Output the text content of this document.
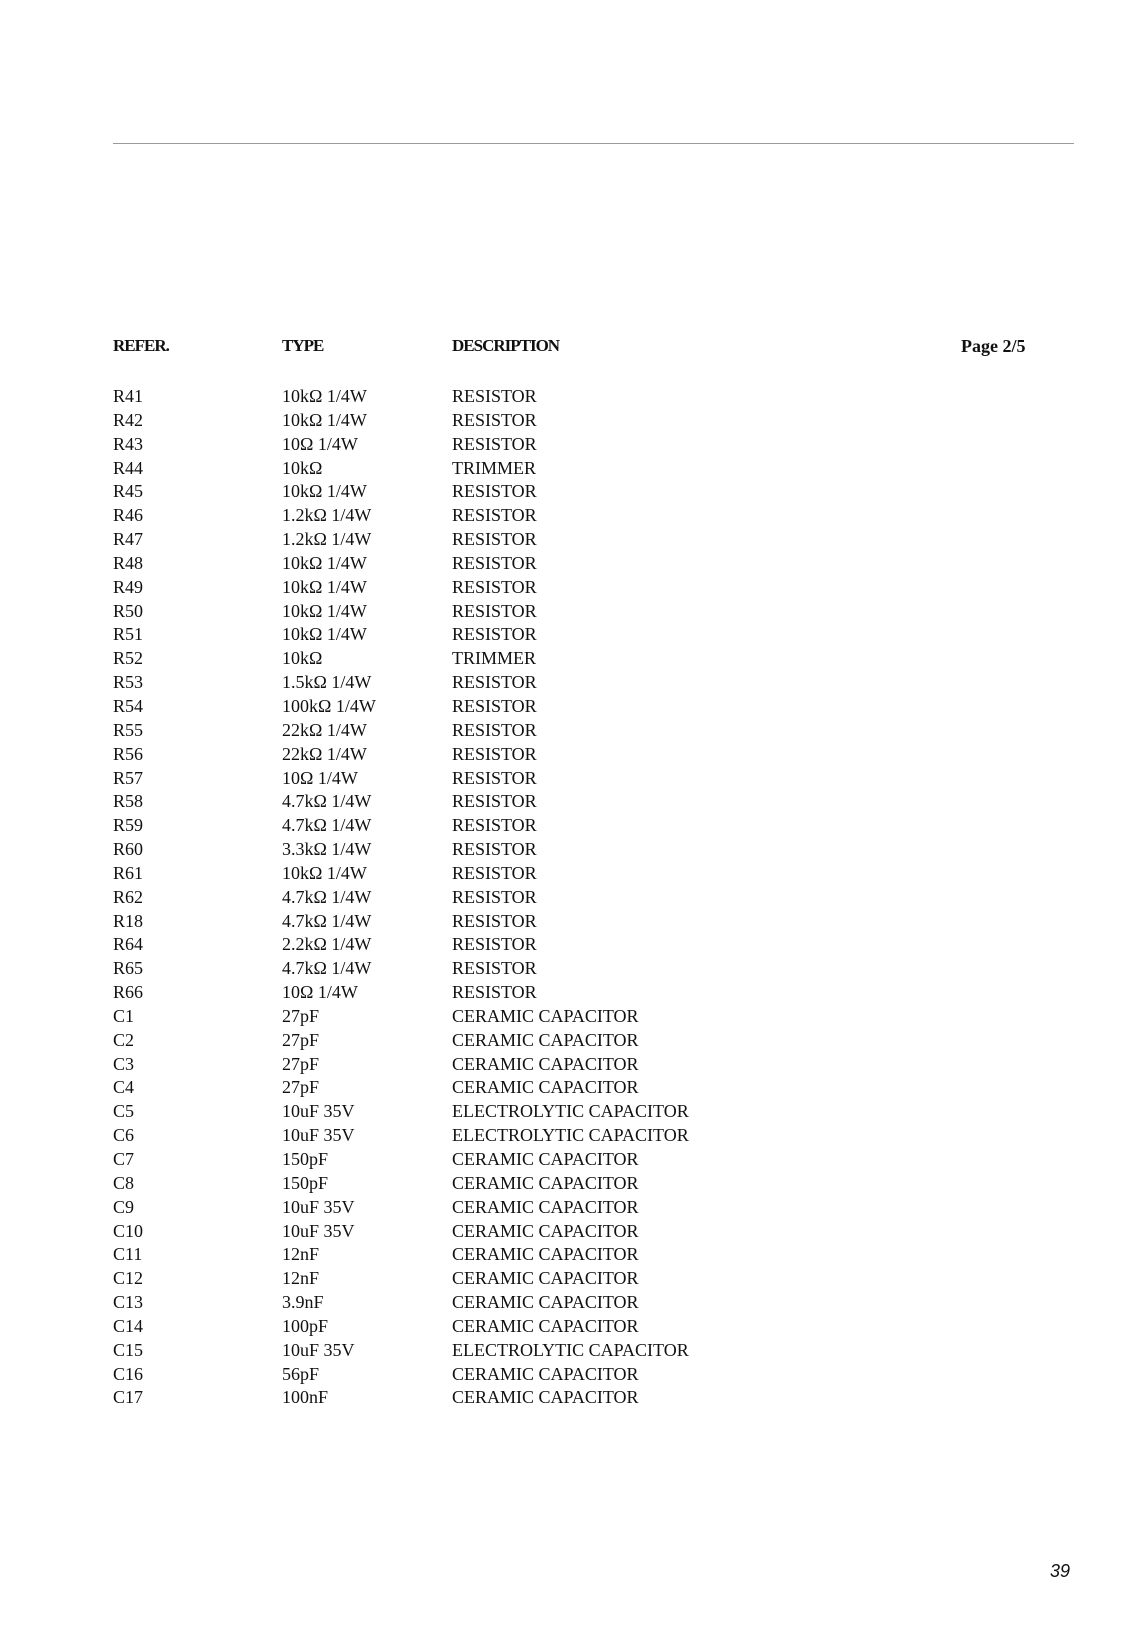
REFER.	TYPE	DESCRIPTION	Page 2/5
R41	10kΩ 1/4W	RESISTOR
R42	10kΩ 1/4W	RESISTOR
R43	10Ω 1/4W	RESISTOR
R44	10kΩ	TRIMMER
R45	10kΩ 1/4W	RESISTOR
R46	1.2kΩ 1/4W	RESISTOR
R47	1.2kΩ 1/4W	RESISTOR
R48	10kΩ 1/4W	RESISTOR
R49	10kΩ 1/4W	RESISTOR
R50	10kΩ 1/4W	RESISTOR
R51	10kΩ 1/4W	RESISTOR
R52	10kΩ	TRIMMER
R53	1.5kΩ 1/4W	RESISTOR
R54	100kΩ 1/4W	RESISTOR
R55	22kΩ 1/4W	RESISTOR
R56	22kΩ 1/4W	RESISTOR
R57	10Ω 1/4W	RESISTOR
R58	4.7kΩ 1/4W	RESISTOR
R59	4.7kΩ 1/4W	RESISTOR
R60	3.3kΩ 1/4W	RESISTOR
R61	10kΩ 1/4W	RESISTOR
R62	4.7kΩ 1/4W	RESISTOR
R18	4.7kΩ 1/4W	RESISTOR
R64	2.2kΩ 1/4W	RESISTOR
R65	4.7kΩ 1/4W	RESISTOR
R66	10Ω 1/4W	RESISTOR
C1	27pF	CERAMIC CAPACITOR
C2	27pF	CERAMIC CAPACITOR
C3	27pF	CERAMIC CAPACITOR
C4	27pF	CERAMIC CAPACITOR
C5	10uF 35V	ELECTROLYTIC CAPACITOR
C6	10uF 35V	ELECTROLYTIC CAPACITOR
C7	150pF	CERAMIC CAPACITOR
C8	150pF	CERAMIC CAPACITOR
C9	10uF 35V	CERAMIC CAPACITOR
C10	10uF 35V	CERAMIC CAPACITOR
C11	12nF	CERAMIC CAPACITOR
C12	12nF	CERAMIC CAPACITOR
C13	3.9nF	CERAMIC CAPACITOR
C14	100pF	CERAMIC CAPACITOR
C15	10uF 35V	ELECTROLYTIC CAPACITOR
C16	56pF	CERAMIC CAPACITOR
C17	100nF	CERAMIC CAPACITOR
39
